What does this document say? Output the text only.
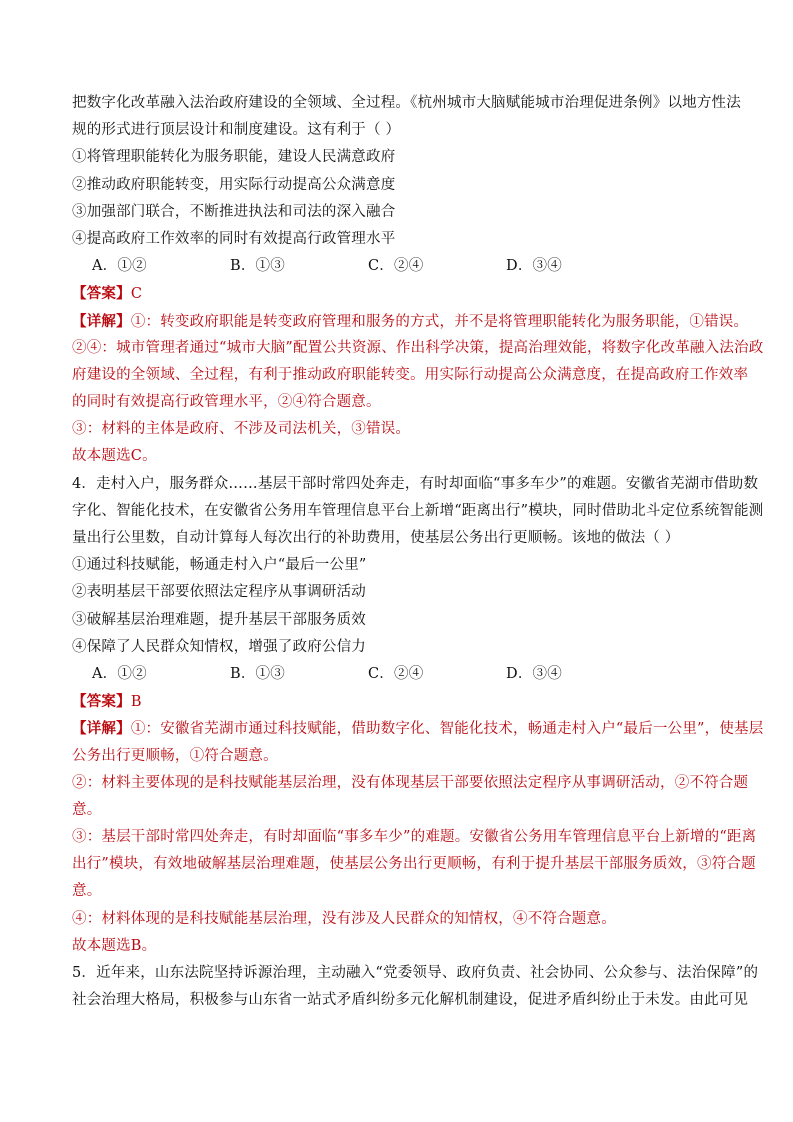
把数字化改革融入法治政府建设的全领域、全过程。《杭州城市大脑赋能城市治理促进条例》以地方性法
规的形式进行顶层设计和制度建设。这有利于（ ）
①将管理职能转化为服务职能，建设人民满意政府
②推动政府职能转变，用实际行动提高公众满意度
③加强部门联合，不断推进执法和司法的深入融合
④提高政府工作效率的同时有效提高行政管理水平
A．①②	B．①③	C．②④	D．③④
【答案】C
【详解】①：转变政府职能是转变政府管理和服务的方式，并不是将管理职能转化为服务职能，①错误。
②④：城市管理者通过“城市大脑”配置公共资源、作出科学决策，提高治理效能，将数字化改革融入法治政
府建设的全领域、全过程，有利于推动政府职能转变。用实际行动提高公众满意度，在提高政府工作效率
的同时有效提高行政管理水平，②④符合题意。
③：材料的主体是政府、不涉及司法机关，③错误。
故本题选C。
4．走村入户，服务群众……基层干部时常四处奔走，有时却面临“事多车少”的难题。安徽省芜湖市借助数
字化、智能化技术，在安徽省公务用车管理信息平台上新增“距离出行”模块，同时借助北斗定位系统智能测
量出行公里数，自动计算每人每次出行的补助费用，使基层公务出行更顺畅。该地的做法（ ）
①通过科技赋能，畅通走村入户“最后一公里”
②表明基层干部要依照法定程序从事调研活动
③破解基层治理难题，提升基层干部服务质效
④保障了人民群众知情权，增强了政府公信力
A．①②	B．①③	C．②④	D．③④
【答案】B
【详解】①：安徽省芜湖市通过科技赋能，借助数字化、智能化技术，畅通走村入户“最后一公里”，使基层
公务出行更顺畅，①符合题意。
②：材料主要体现的是科技赋能基层治理，没有体现基层干部要依照法定程序从事调研活动，②不符合题
意。
③：基层干部时常四处奔走，有时却面临“事多车少”的难题。安徽省公务用车管理信息平台上新增的“距离
出行”模块，有效地破解基层治理难题，使基层公务出行更顺畅，有利于提升基层干部服务质效，③符合题
意。
④：材料体现的是科技赋能基层治理，没有涉及人民群众的知情权，④不符合题意。
故本题选B。
5．近年来，山东法院坚持诉源治理，主动融入“党委领导、政府负责、社会协同、公众参与、法治保障”的
社会治理大格局，积极参与山东省一站式矛盾纠纷多元化解机制建设，促进矛盾纠纷止于未发。由此可见
